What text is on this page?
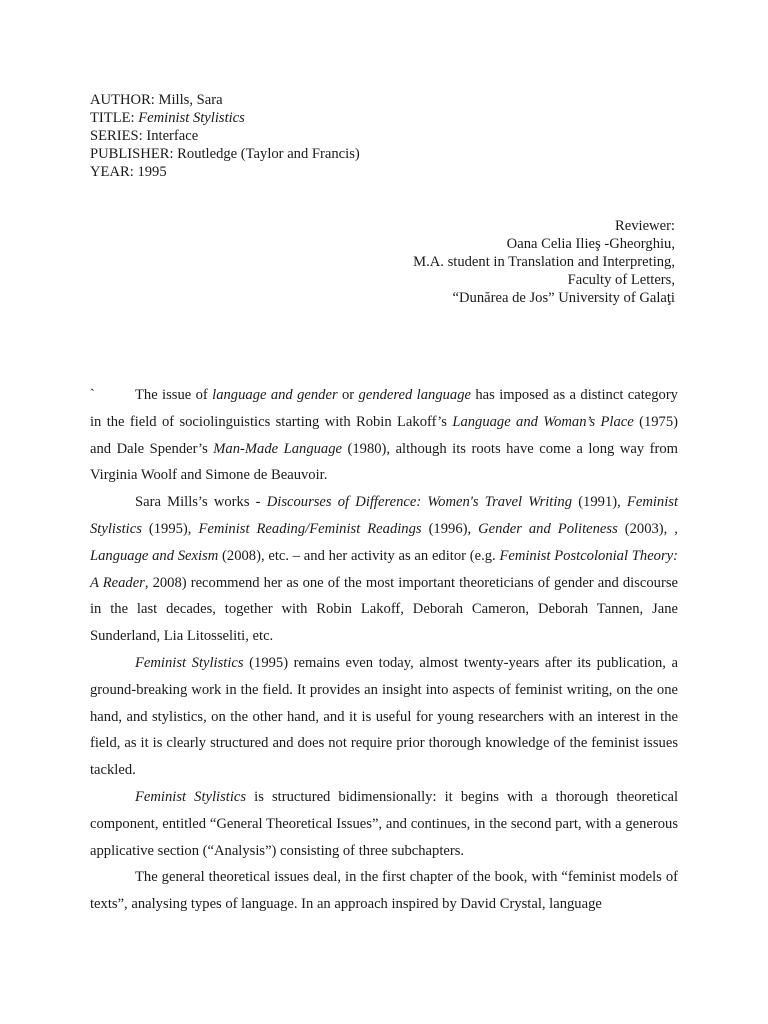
AUTHOR: Mills, Sara
TITLE: Feminist Stylistics
SERIES: Interface
PUBLISHER: Routledge (Taylor and Francis)
YEAR: 1995
Reviewer:
Oana Celia Ilieş -Gheorghiu,
M.A. student in Translation and Interpreting,
Faculty of Letters,
“Dunărea de Jos” University of Galaţi

`	The issue of language and gender or gendered language has imposed as a distinct category in the field of sociolinguistics starting with Robin Lakoff’s Language and Woman’s Place (1975) and Dale Spender’s Man-Made Language (1980), although its roots have come a long way from Virginia Woolf and Simone de Beauvoir.

Sara Mills’s works - Discourses of Difference: Women's Travel Writing (1991), Feminist Stylistics (1995), Feminist Reading/Feminist Readings (1996), Gender and Politeness (2003), , Language and Sexism (2008), etc. – and her activity as an editor (e.g. Feminist Postcolonial Theory: A Reader, 2008) recommend her as one of the most important theoreticians of gender and discourse in the last decades, together with Robin Lakoff, Deborah Cameron, Deborah Tannen, Jane Sunderland, Lia Litosseliti, etc.

Feminist Stylistics (1995) remains even today, almost twenty-years after its publication, a ground-breaking work in the field. It provides an insight into aspects of feminist writing, on the one hand, and stylistics, on the other hand, and it is useful for young researchers with an interest in the field, as it is clearly structured and does not require prior thorough knowledge of the feminist issues tackled.

Feminist Stylistics is structured bidimensionally: it begins with a thorough theoretical component, entitled “General Theoretical Issues”, and continues, in the second part, with a generous applicative section (“Analysis”) consisting of three subchapters.

The general theoretical issues deal, in the first chapter of the book, with “feminist models of texts”, analysing types of language. In an approach inspired by David Crystal, language
